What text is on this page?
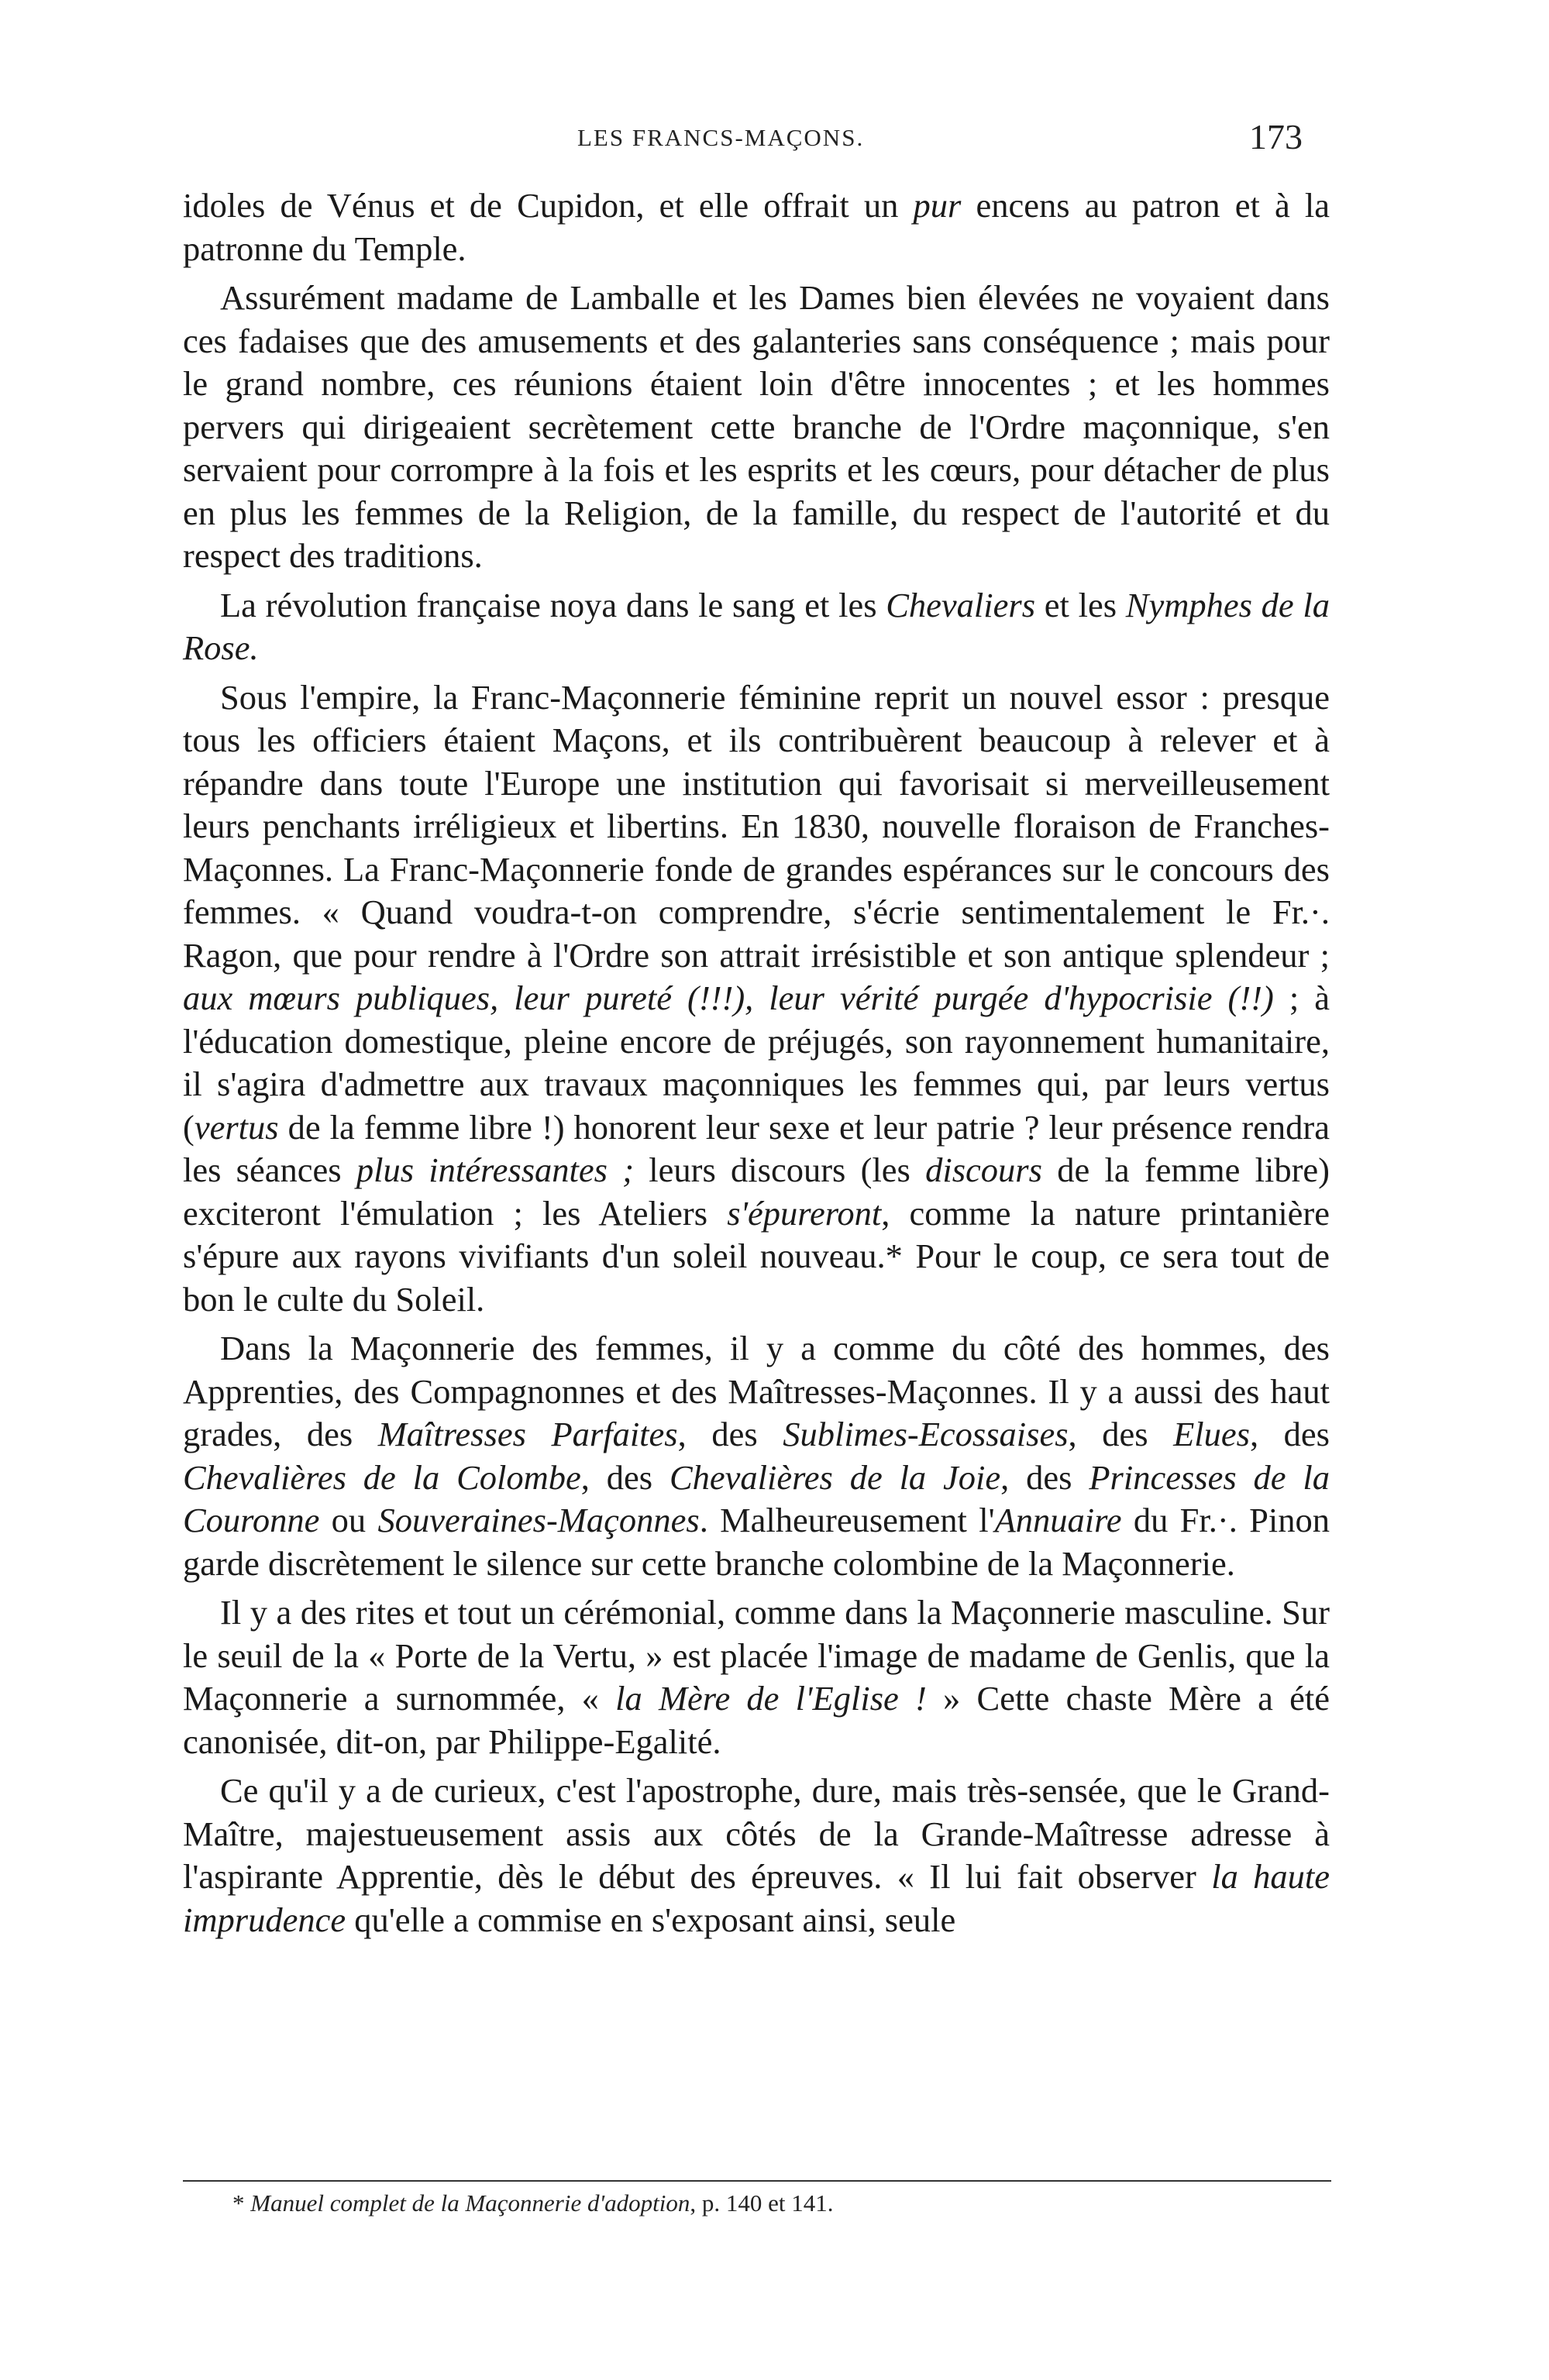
LES FRANCS-MAÇONS.	173

idoles de Vénus et de Cupidon, et elle offrait un pur encens au patron et à la patronne du Temple.

Assurément madame de Lamballe et les Dames bien élevées ne voyaient dans ces fadaises que des amusements et des galanteries sans conséquence ; mais pour le grand nombre, ces réunions étaient loin d'être innocentes ; et les hommes pervers qui dirigeaient secrètement cette branche de l'Ordre maçonnique, s'en servaient pour corrompre à la fois et les esprits et les cœurs, pour détacher de plus en plus les femmes de la Religion, de la famille, du respect de l'autorité et du respect des traditions.

La révolution française noya dans le sang et les Chevaliers et les Nymphes de la Rose.

Sous l'empire, la Franc-Maçonnerie féminine reprit un nouvel essor : presque tous les officiers étaient Maçons, et ils contribuèrent beaucoup à relever et à répandre dans toute l'Europe une institution qui favorisait si merveilleusement leurs penchants irréligieux et libertins. En 1830, nouvelle floraison de Franches-Maçonnes. La Franc-Maçonnerie fonde de grandes espérances sur le concours des femmes. « Quand voudra-t-on comprendre, s'écrie sentimentalement le Fr.·. Ragon, que pour rendre à l'Ordre son attrait irrésistible et son antique splendeur ; aux mœurs publiques, leur pureté (!!!), leur vérité purgée d'hypocrisie (!!) ; à l'éducation domestique, pleine encore de préjugés, son rayonnement humanitaire, il s'agira d'admettre aux travaux maçonniques les femmes qui, par leurs vertus (vertus de la femme libre !) honorent leur sexe et leur patrie ? leur présence rendra les séances plus intéressantes ; leurs discours (les discours de la femme libre) exciteront l'émulation ; les Ateliers s'épureront, comme la nature printanière s'épure aux rayons vivifiants d'un soleil nouveau.* Pour le coup, ce sera tout de bon le culte du Soleil.

Dans la Maçonnerie des femmes, il y a comme du côté des hommes, des Apprenties, des Compagnonnes et des Maîtresses-Maçonnes. Il y a aussi des haut grades, des Maîtresses Parfaites, des Sublimes-Ecossaises, des Elues, des Chevalières de la Colombe, des Chevalières de la Joie, des Princesses de la Couronne ou Souveraines-Maçonnes. Malheureusement l'Annuaire du Fr.·. Pinon garde discrètement le silence sur cette branche colombine de la Maçonnerie.

Il y a des rites et tout un cérémonial, comme dans la Maçonnerie masculine. Sur le seuil de la « Porte de la Vertu, » est placée l'image de madame de Genlis, que la Maçonnerie a surnommée, « la Mère de l'Eglise ! » Cette chaste Mère a été canonisée, dit-on, par Philippe-Egalité.

Ce qu'il y a de curieux, c'est l'apostrophe, dure, mais très-sensée, que le Grand-Maître, majestueusement assis aux côtés de la Grande-Maîtresse adresse à l'aspirante Apprentie, dès le début des épreuves. « Il lui fait observer la haute imprudence qu'elle a commise en s'exposant ainsi, seule

* Manuel complet de la Maçonnerie d'adoption, p. 140 et 141.
